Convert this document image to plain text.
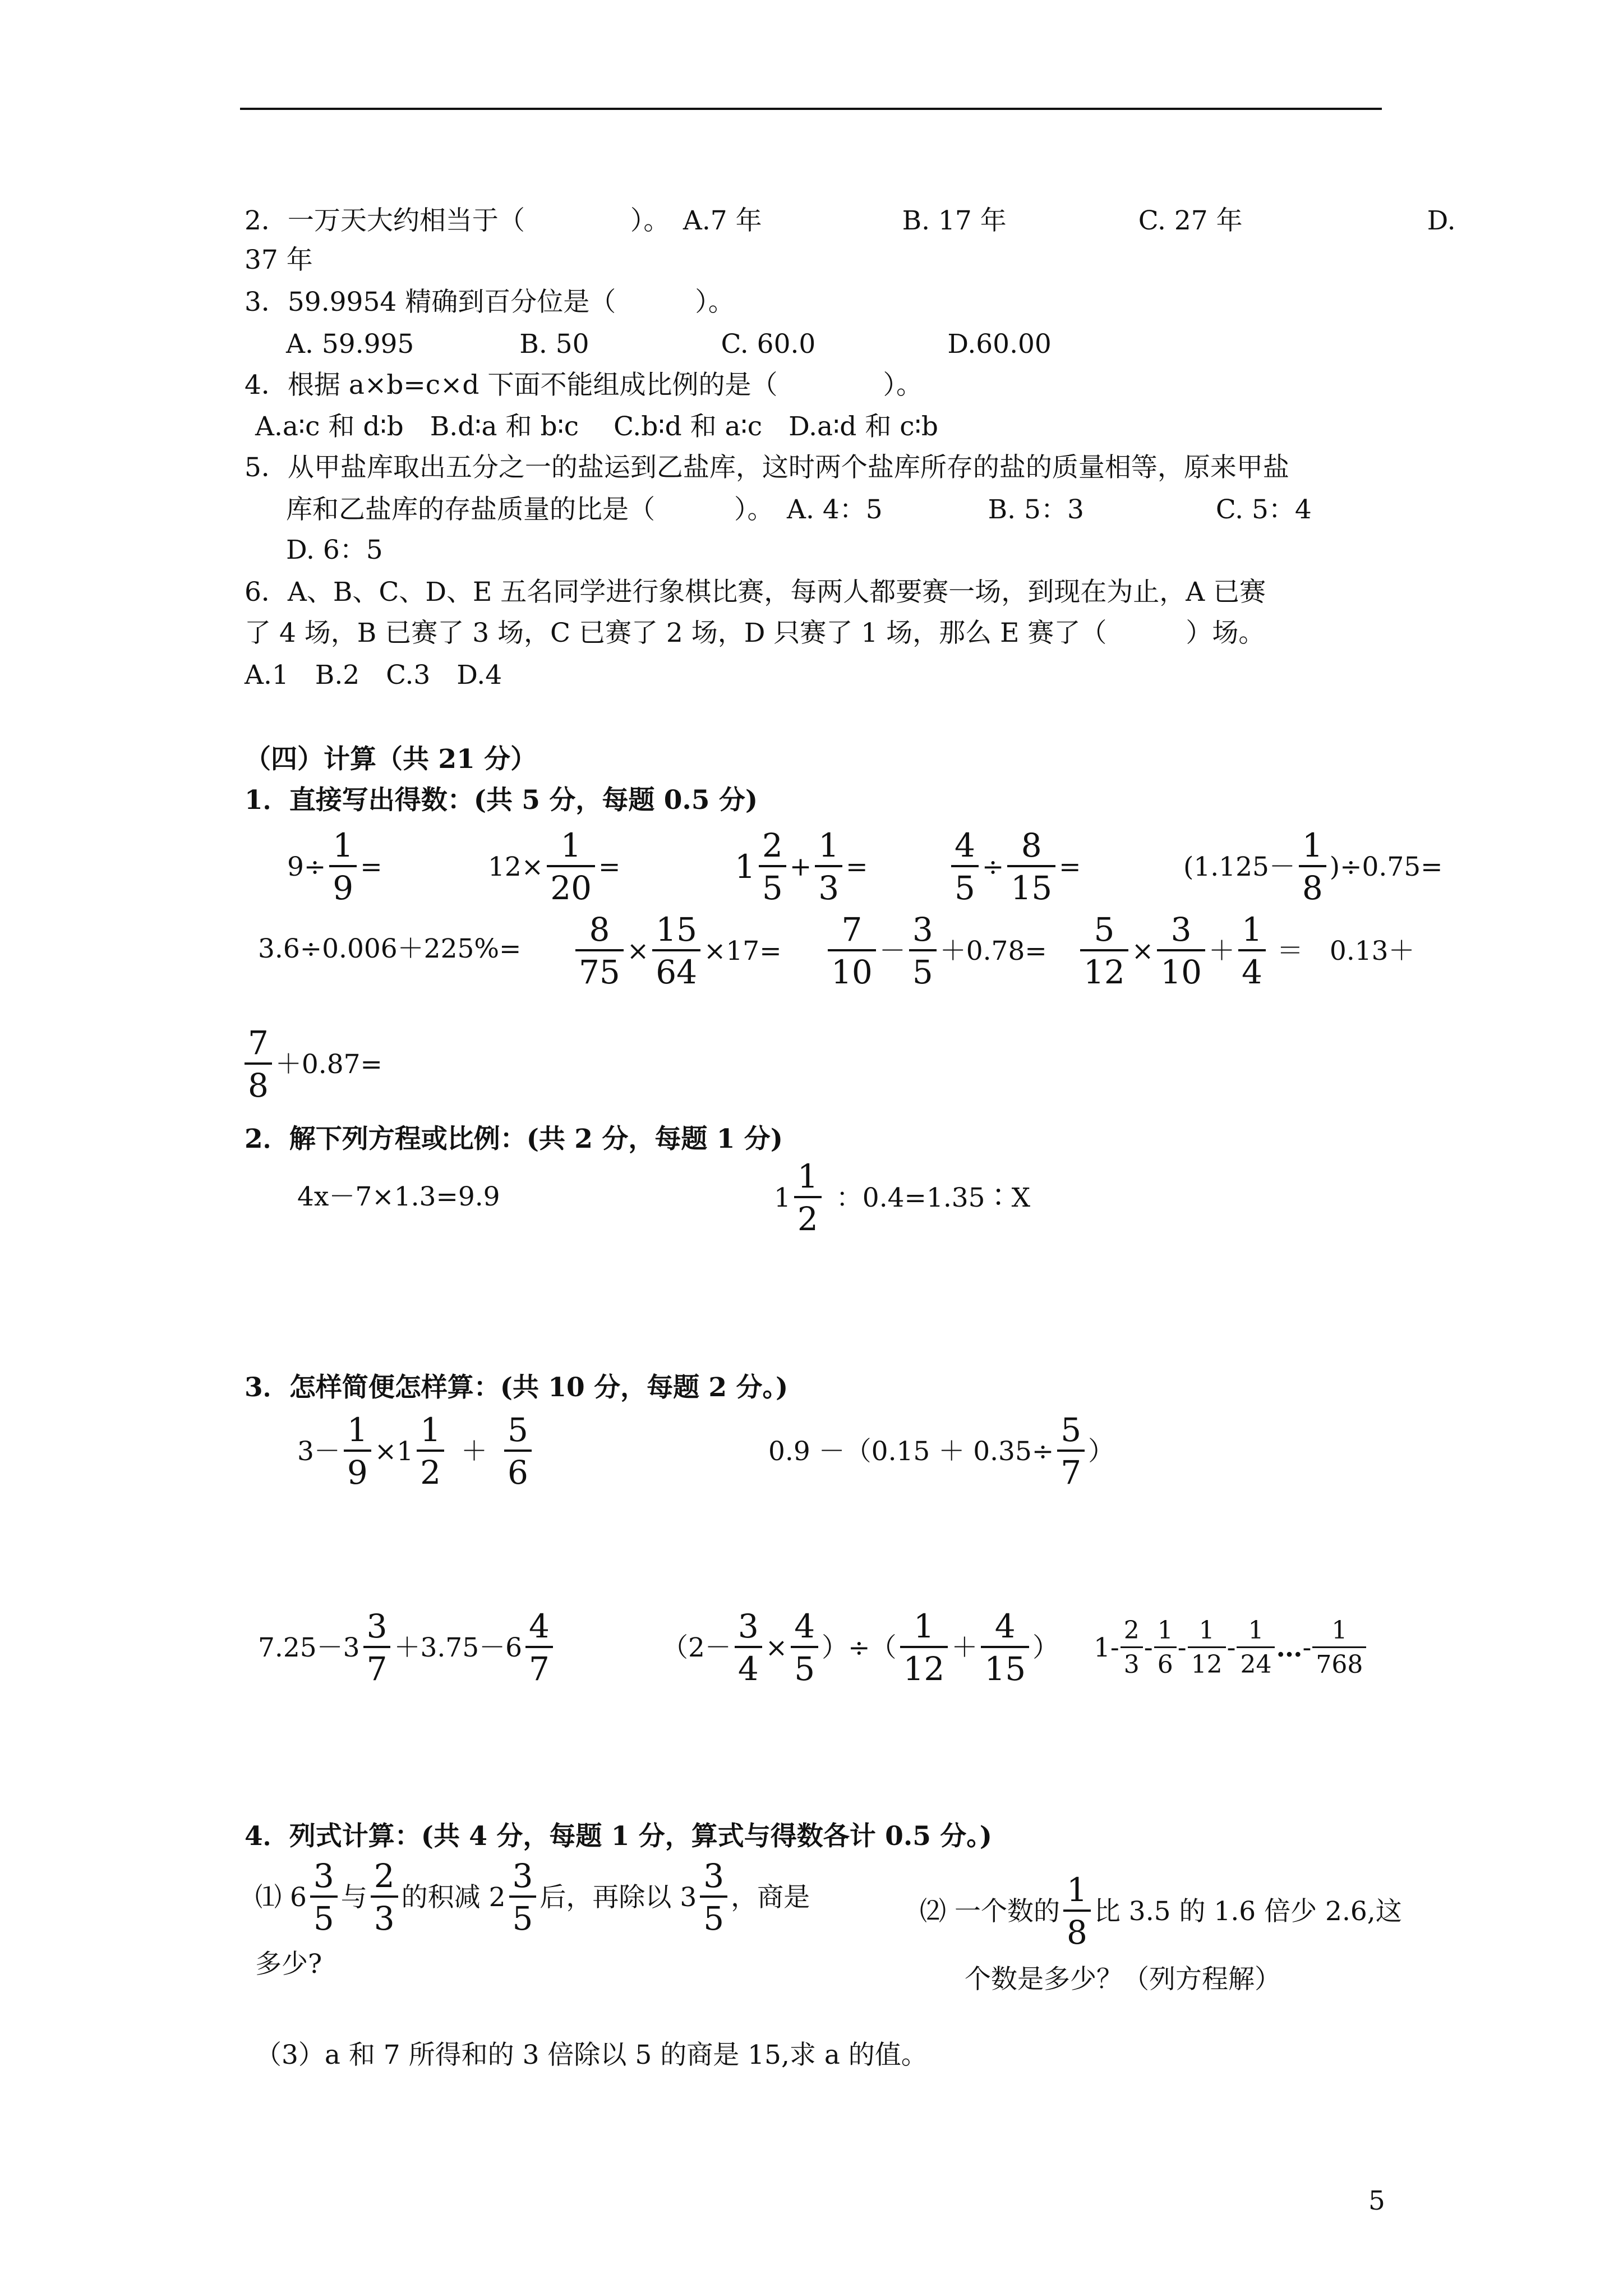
2．一万天大约相当于（　　　　）。　A.7 年　　　　　 B. 17 年　　　　　C. 27 年　　　　　　　D.
37 年
3．59.9954 精确到百分位是（　　　）。
A. 59.995　　　　B. 50　　　　　C. 60.0　　　　　D.60.00
4．根据 a×b=c×d 下面不能组成比例的是（　　　　）。
A.a∶c 和 d∶b　B.d∶a 和 b∶c　 C.b∶d 和 a∶c　D.a∶d 和 c∶b
5．从甲盐库取出五分之一的盐运到乙盐库，这时两个盐库所存的盐的质量相等，原来甲盐
库和乙盐库的存盐质量的比是（　　　）。　A. 4：5　　　　B. 5：3　　　　　C. 5：4
D. 6：5
6．A、B、C、D、E 五名同学进行象棋比赛，每两人都要赛一场，到现在为止，A 已赛
了 4 场，B 已赛了 3 场，C 已赛了 2 场，D 只赛了 1 场，那么 E 赛了（　　　）场。
A.1　B.2　C.3　D.4
（四）计算（共 21 分）
1．直接写出得数：(共 5 分，每题 0.5 分)
$9\div \frac{1}{9}$ =	$12\times \frac{1}{20}$ =	1
2
5
+ $\frac{1}{3}$ =	$\frac{4}{5} \div \frac{8}{15}$ =	(1.125－
1
8
)÷0.75=
$3.6\div 0.006+225\%= \frac{8}{75} \times \frac{15}{64} \times 17=$
7
10
－
3
5
$+0.78= \frac{5}{12} \times \frac{3}{10}$ ＋
1
4
＝　0.13＋
7
8
＋0.87=
2．解下列方程或比例：(共 2 分，每题 1 分)
4x－7×1.3=9.9	1
1
2
：0.4=1.35∶X
3．怎样简便怎样算：(共 10 分，每题 2 分。)
$3- \frac{1}{9} \times 1$
1
2
＋
5
6
$0.9 -(0.15 + 0.35\div \frac{5}{7}$ ）
7.25－3
3
7
＋3.75－6
4
7
（$2- \frac{3}{4} \times \frac{4}{5}$ ）÷（
1
12
＋
4
15
） 1-
2
3
-
1
6
-
1
12
-
1
24
… -
1
768
4．列式计算：(共 4 分，每题 1 分，算式与得数各计 0.5 分。)
⑴ 6
3
5
与
2
3
的积减 2
3
5
后，再除以 3
3
5
，商是
多少?
⑵ 一个数的
1
8
比 3.5 的 1.6 倍少 2.6,这
个数是多少？（列方程解）
（3）a 和 7 所得和的 3 倍除以 5 的商是 15,求 a 的值。
5
